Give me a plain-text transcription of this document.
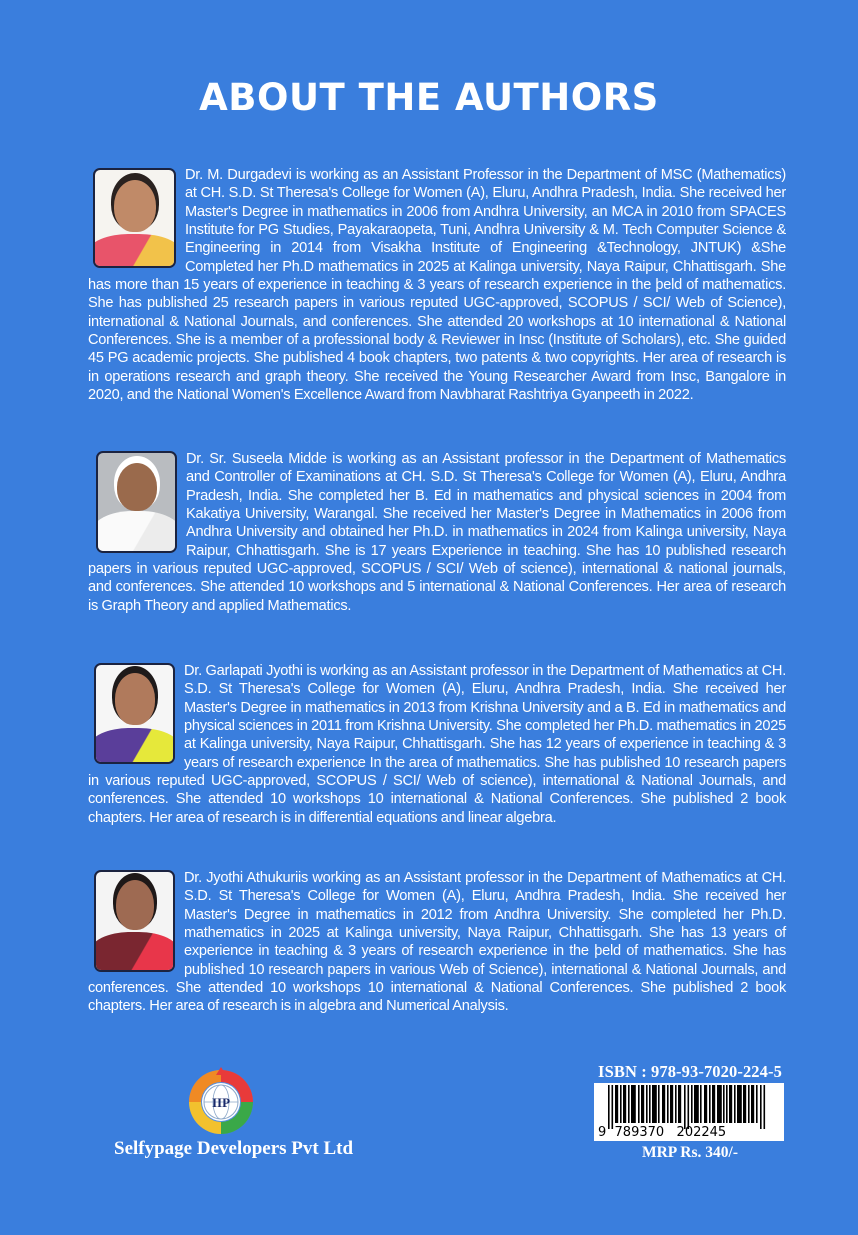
ABOUT THE AUTHORS
Dr. M. Durgadevi is working as an Assistant Professor in the Department of MSC (Mathematics) at CH. S.D. St Theresa's College for Women (A), Eluru, Andhra Pradesh, India. She received her Master's Degree in mathematics in 2006 from Andhra University, an MCA in 2010 from SPACES Institute for PG Studies, Payakaraopeta, Tuni, Andhra University & M. Tech Computer Science & Engineering in 2014 from Visakha Institute of Engineering &Technology, JNTUK) &She Completed her Ph.D mathematics in 2025 at Kalinga university, Naya Raipur, Chhattisgarh. She has more than 15 years of experience in teaching & 3 years of research experience in the þeld of mathematics. She has published 25 research papers in various reputed UGC-approved, SCOPUS / SCI/ Web of Science), international & National Journals, and conferences. She attended 20 workshops at 10 international & National Conferences. She is a member of a professional body & Reviewer in Insc (Institute of Scholars), etc. She guided 45 PG academic projects. She published 4 book chapters, two patents & two copyrights. Her area of research is in operations research and graph theory. She received the Young Researcher Award from Insc, Bangalore in 2020, and the National Women's Excellence Award from Navbharat Rashtriya Gyanpeeth in 2022.
Dr. Sr. Suseela Midde is working as an Assistant professor in the Department of Mathematics and Controller of Examinations at CH. S.D. St Theresa's College for Women (A), Eluru, Andhra Pradesh, India. She completed her B. Ed in mathematics and physical sciences in 2004 from Kakatiya University, Warangal. She received her Master's Degree in Mathematics in 2006 from Andhra University and obtained her Ph.D. in mathematics in 2024 from Kalinga university, Naya Raipur, Chhattisgarh. She is 17 years Experience in teaching. She has 10 published research papers in various reputed UGC-approved, SCOPUS / SCI/ Web of science), international & national journals, and conferences. She attended 10 workshops and 5 international & National Conferences. Her area of research is Graph Theory and applied Mathematics.
Dr. Garlapati Jyothi is working as an Assistant professor in the Department of Mathematics at CH. S.D. St Theresa's College for Women (A), Eluru, Andhra Pradesh, India. She received her Master's Degree in mathematics in 2013 from Krishna University and a B. Ed in mathematics and physical sciences in 2011 from Krishna University. She completed her Ph.D. mathematics in 2025 at Kalinga university, Naya Raipur, Chhattisgarh. She has 12 years of experience in teaching & 3 years of research experience In the area of mathematics. She has published 10 research papers in various reputed UGC-approved, SCOPUS / SCI/ Web of science), international & National Journals, and conferences. She attended 10 workshops 10 international & National Conferences. She published 2 book chapters. Her area of research is in differential equations and linear algebra.
Dr. Jyothi Athukuriis working as an Assistant professor in the Department of Mathematics at CH. S.D. St Theresa's College for Women (A), Eluru, Andhra Pradesh, India. She received her Master's Degree in mathematics in 2012 from Andhra University. She completed her Ph.D. mathematics in 2025 at Kalinga university, Naya Raipur, Chhattisgarh. She has 13 years of experience in teaching & 3 years of research experience in the þeld of mathematics. She has published 10 research papers in various Web of Science), international & National Journals, and conferences. She attended 10 workshops 10 international & National Conferences. She published 2 book chapters. Her area of research is in algebra and Numerical Analysis.
IIP
Selfypage Developers Pvt Ltd
ISBN : 978-93-7020-224-5
9  789370   202245
MRP Rs. 340/-
